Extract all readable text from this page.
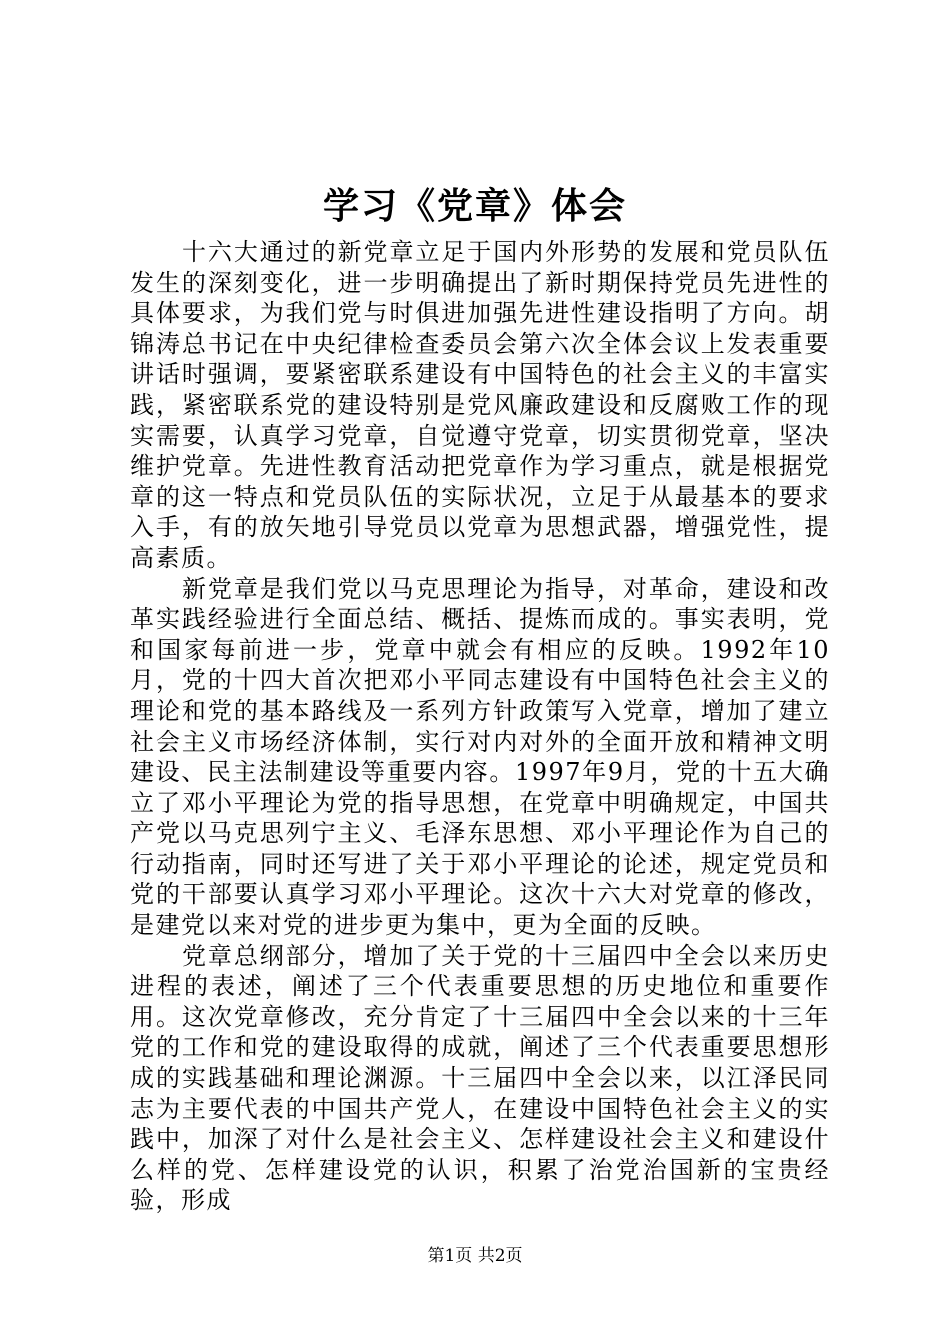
学习《党章》体会

十六大通过的新党章立足于国内外形势的发展和党员队伍发生的深刻变化，进一步明确提出了新时期保持党员先进性的具体要求，为我们党与时俱进加强先进性建设指明了方向。胡锦涛总书记在中央纪律检查委员会第六次全体会议上发表重要讲话时强调，要紧密联系建设有中国特色的社会主义的丰富实践，紧密联系党的建设特别是党风廉政建设和反腐败工作的现实需要，认真学习党章，自觉遵守党章，切实贯彻党章，坚决维护党章。先进性教育活动把党章作为学习重点，就是根据党章的这一特点和党员队伍的实际状况，立足于从最基本的要求入手，有的放矢地引导党员以党章为思想武器，增强党性，提高素质。

新党章是我们党以马克思理论为指导，对革命，建设和改革实践经验进行全面总结、概括、提炼而成的。事实表明，党和国家每前进一步，党章中就会有相应的反映。1992年10月，党的十四大首次把邓小平同志建设有中国特色社会主义的理论和党的基本路线及一系列方针政策写入党章，增加了建立社会主义市场经济体制，实行对内对外的全面开放和精神文明建设、民主法制建设等重要内容。1997年9月，党的十五大确立了邓小平理论为党的指导思想，在党章中明确规定，中国共产党以马克思列宁主义、毛泽东思想、邓小平理论作为自己的行动指南，同时还写进了关于邓小平理论的论述，规定党员和党的干部要认真学习邓小平理论。这次十六大对党章的修改，是建党以来对党的进步更为集中，更为全面的反映。

党章总纲部分，增加了关于党的十三届四中全会以来历史进程的表述，阐述了三个代表重要思想的历史地位和重要作用。这次党章修改，充分肯定了十三届四中全会以来的十三年党的工作和党的建设取得的成就，阐述了三个代表重要思想形成的实践基础和理论渊源。十三届四中全会以来，以江泽民同志为主要代表的中国共产党人，在建设中国特色社会主义的实践中，加深了对什么是社会主义、怎样建设社会主义和建设什么样的党、怎样建设党的认识，积累了治党治国新的宝贵经验，形成

第1页 共2页
